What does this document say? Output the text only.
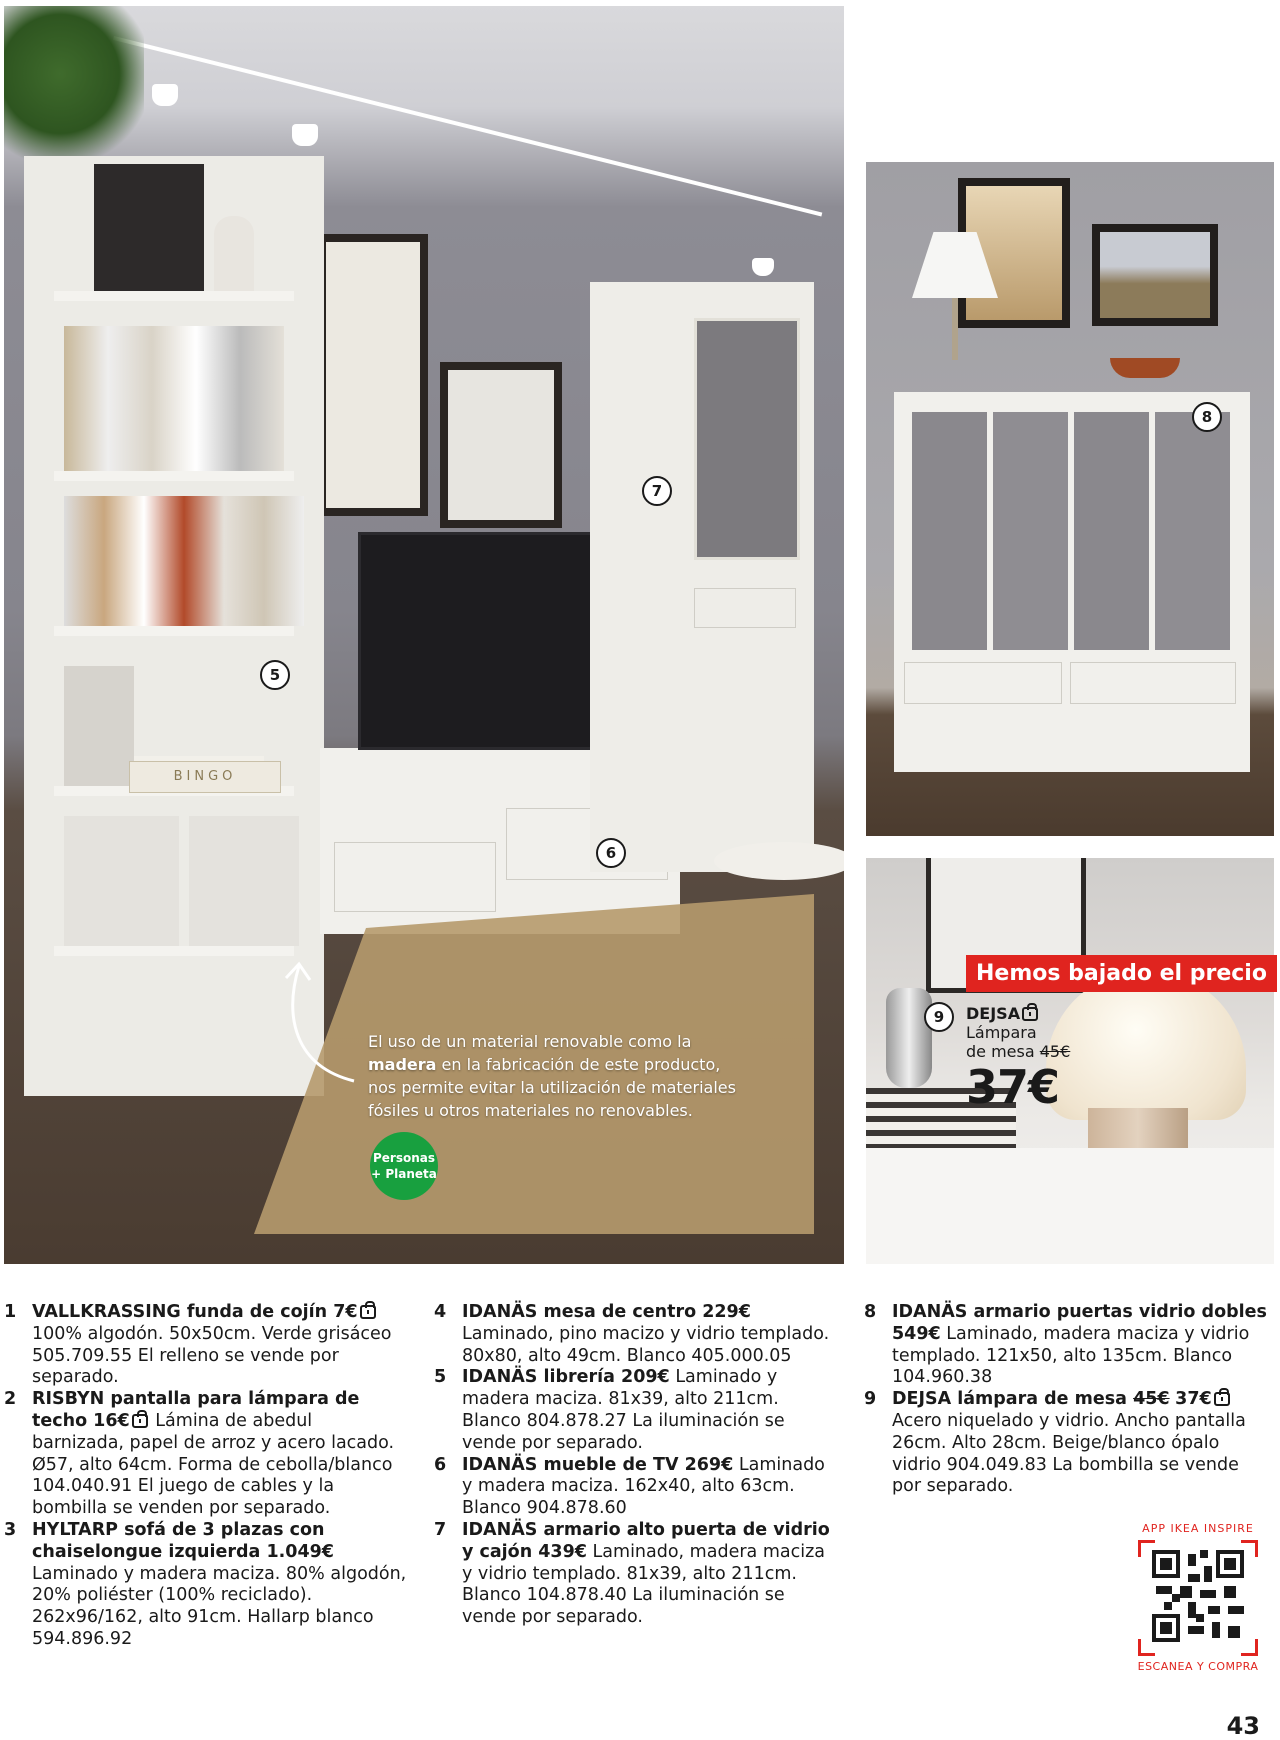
BINGO
5
6
7
El uso de un material renovable como la madera en la fabricación de este producto, nos permite evitar la utilización de materiales fósiles u otros materiales no renovables.
Personas
+ Planeta
8
Hemos bajado el precio
9	DEJSA
Lámpara
de mesa 45€
37€
1 VALLKRASSING funda de cojín 7€ 100% algodón. 50x50cm. Verde grisáceo 505.709.55 El relleno se vende por separado.
2 RISBYN pantalla para lámpara de techo 16€ Lámina de abedul barnizada, papel de arroz y acero lacado. Ø57, alto 64cm. Forma de cebolla/blanco 104.040.91 El juego de cables y la bombilla se venden por separado.
3 HYLTARP sofá de 3 plazas con chaiselongue izquierda 1.049€ Laminado y madera maciza. 80% algodón, 20% poliéster (100% reciclado). 262x96/162, alto 91cm. Hallarp blanco 594.896.92
4 IDANÄS mesa de centro 229€ Laminado, pino macizo y vidrio templado. 80x80, alto 49cm. Blanco 405.000.05
5 IDANÄS librería 209€ Laminado y madera maciza. 81x39, alto 211cm. Blanco 804.878.27 La iluminación se vende por separado.
6 IDANÄS mueble de TV 269€ Laminado y madera maciza. 162x40, alto 63cm. Blanco 904.878.60
7 IDANÄS armario alto puerta de vidrio y cajón 439€ Laminado, madera maciza y vidrio templado. 81x39, alto 211cm. Blanco 104.878.40 La iluminación se vende por separado.
8 IDANÄS armario puertas vidrio dobles 549€ Laminado, madera maciza y vidrio templado. 121x50, alto 135cm. Blanco 104.960.38
9 DEJSA lámpara de mesa 45€ 37€ Acero niquelado y vidrio. Ancho pantalla 26cm. Alto 28cm. Beige/blanco ópalo vidrio 904.049.83 La bombilla se vende por separado.
APP IKEA INSPIRE
ESCANEA Y COMPRA
43
